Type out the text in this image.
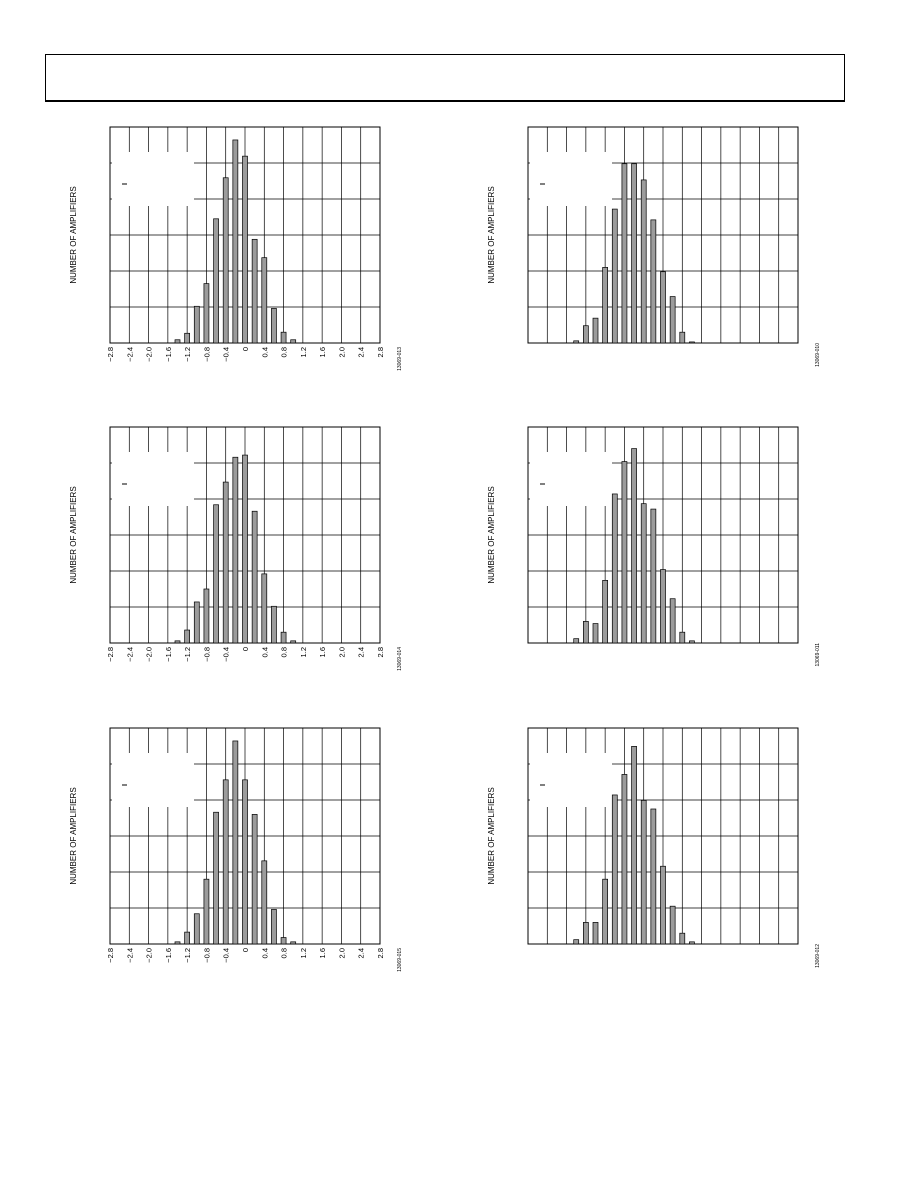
−2.8 −2.4 −2.0 −1.6 −1.2 −0.8 −0.4 0 0.4 0.8 1.2 1.6 2.0 2.4 2.8
NUMBER OF AMPLIFIERS
13069-013
NUMBER OF AMPLIFIERS
13069-010
−2.8 −2.4 −2.0 −1.6 −1.2 −0.8 −0.4 0 0.4 0.8 1.2 1.6 2.0 2.4 2.8
NUMBER OF AMPLIFIERS
13069-014
NUMBER OF AMPLIFIERS
13069-011
−2.8 −2.4 −2.0 −1.6 −1.2 −0.8 −0.4 0 0.4 0.8 1.2 1.6 2.0 2.4 2.8
NUMBER OF AMPLIFIERS
13069-015
NUMBER OF AMPLIFIERS
13069-012
